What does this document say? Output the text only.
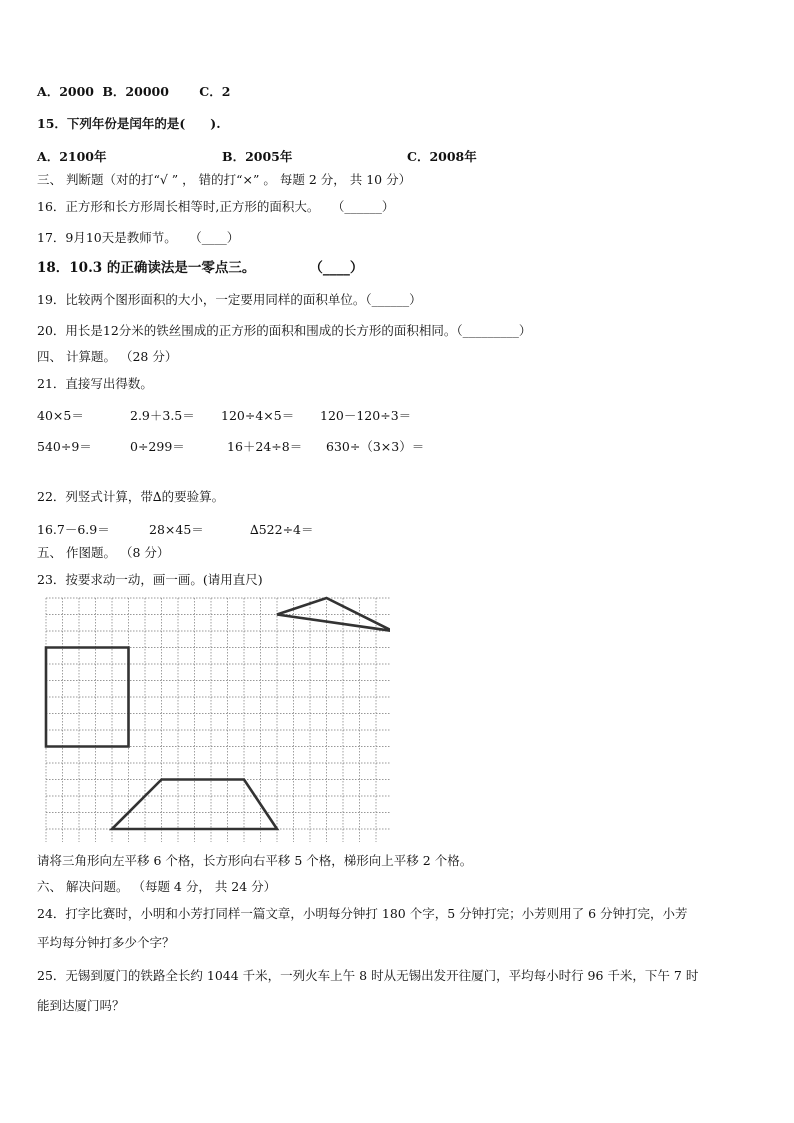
A．2000 B．20000 C．2
15．下列年份是闰年的是(　　).
A．2100年	B．2005年	C．2008年
三、 判断题（对的打“√ ” ， 错的打“×” 。 每题 2 分， 共 10 分）
16．正方形和长方形周长相等时,正方形的面积大。　　（______）
17．9月10天是教师节。　　（____）
18．10.3 的正确读法是一零点三。　　　　　（____）
19．比较两个图形面积的大小，一定要用同样的面积单位。（______）
20．用长是12分米的铁丝围成的正方形的面积和围成的长方形的面积相同。（_________）
四、 计算题。 （28 分）
21．直接写出得数。
40×5＝	2.9＋3.5＝ 120÷4×5＝ 120－120÷3＝
540÷9＝	0÷299＝	16＋24÷8＝ 630÷（3×3）＝
22．列竖式计算，带∆的要验算。
16.7－6.9＝	28×45＝	∆522÷4＝
五、 作图题。 （8 分）
23．按要求动一动，画一画。(请用直尺)
请将三角形向左平移 6 个格，长方形向右平移 5 个格，梯形向上平移 2 个格。
六、 解决问题。 （每题 4 分， 共 24 分）
24．打字比赛时，小明和小芳打同样一篇文章，小明每分钟打 180 个字，5 分钟打完；小芳则用了 6 分钟打完，小芳
平均每分钟打多少个字？
25．无锡到厦门的铁路全长约 1044 千米，一列火车上午 8 时从无锡出发开往厦门，平均每小时行 96 千米，下午 7 时
能到达厦门吗？
